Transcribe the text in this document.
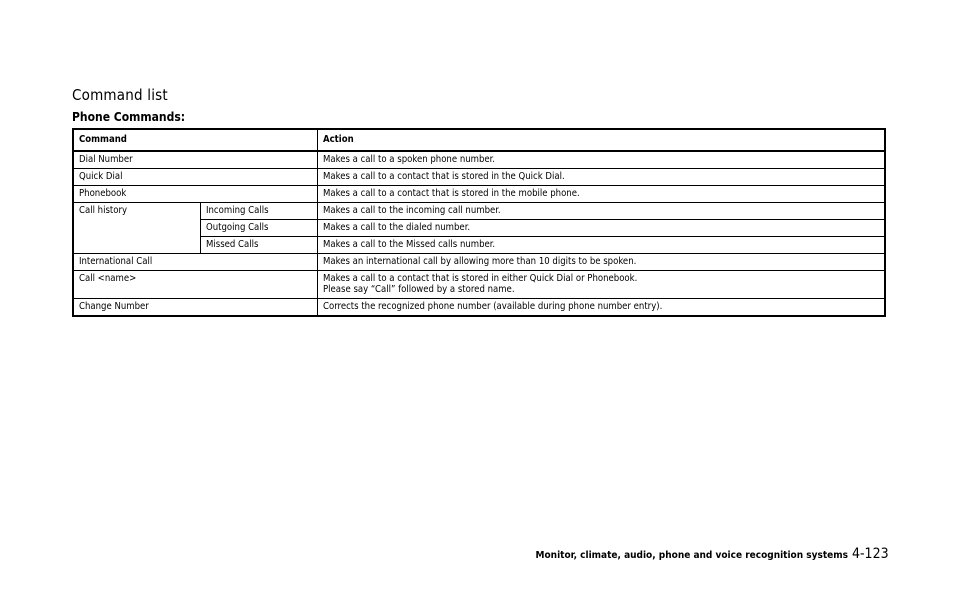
Command list
Phone Commands:
Command		Action
Dial Number		Makes a call to a spoken phone number.
Quick Dial		Makes a call to a contact that is stored in the Quick Dial.
Phonebook		Makes a call to a contact that is stored in the mobile phone.
Call history	Incoming Calls	Makes a call to the incoming call number.
	Outgoing Calls	Makes a call to the dialed number.
	Missed Calls	Makes a call to the Missed calls number.
International Call		Makes an international call by allowing more than 10 digits to be spoken.
Call <name>		Makes a call to a contact that is stored in either Quick Dial or Phonebook.
Please say “Call” followed by a stored name.

Change Number		Corrects the recognized phone number (available during phone number entry).
Monitor, climate, audio, phone and voice recognition systems 4-123
